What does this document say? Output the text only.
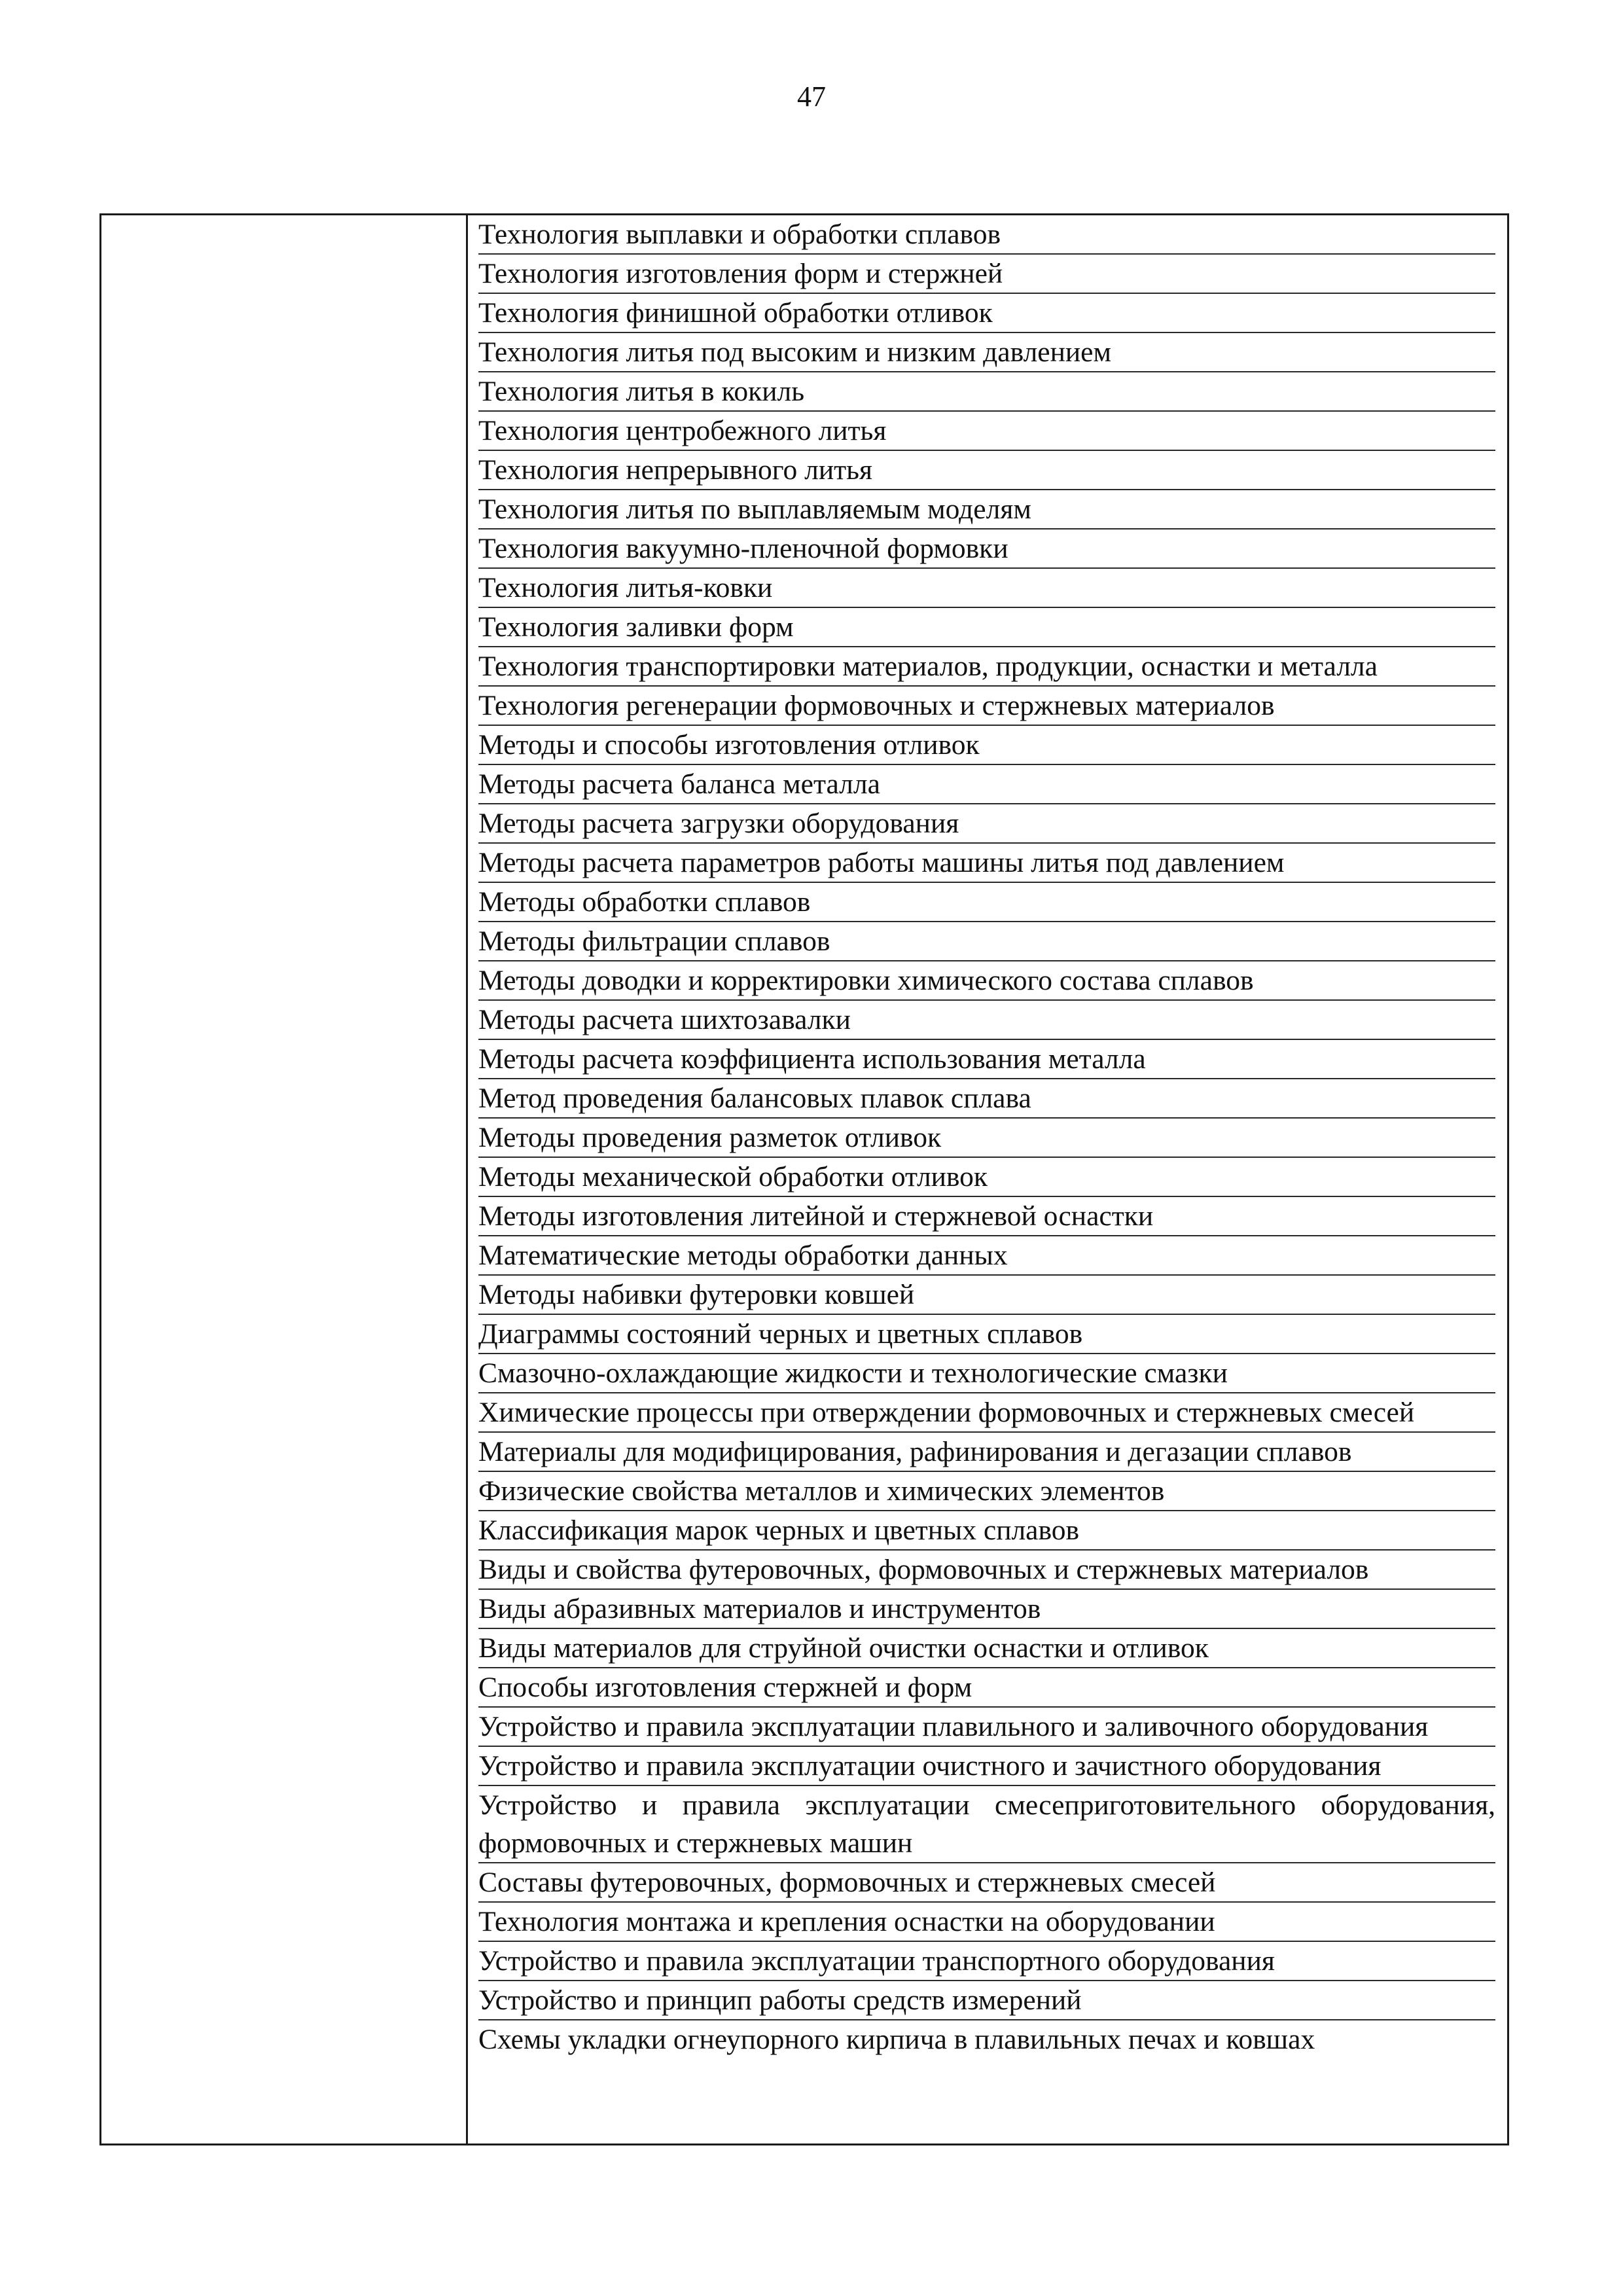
47
Технология выплавки и обработки сплавов
Технология изготовления форм и стержней
Технология финишной обработки отливок
Технология литья под высоким и низким давлением
Технология литья в кокиль
Технология центробежного литья
Технология непрерывного литья
Технология литья по выплавляемым моделям
Технология вакуумно-пленочной формовки
Технология литья-ковки
Технология заливки форм
Технология транспортировки материалов, продукции, оснастки и металла
Технология регенерации формовочных и стержневых материалов
Методы и способы изготовления отливок
Методы расчета баланса металла
Методы расчета загрузки оборудования
Методы расчета параметров работы машины литья под давлением
Методы обработки сплавов
Методы фильтрации сплавов
Методы доводки и корректировки химического состава сплавов
Методы расчета шихтозавалки
Методы расчета коэффициента использования металла
Метод проведения балансовых плавок сплава
Методы проведения разметок отливок
Методы механической обработки отливок
Методы изготовления литейной и стержневой оснастки
Математические методы обработки данных
Методы набивки футеровки ковшей
Диаграммы состояний черных и цветных сплавов
Смазочно-охлаждающие жидкости и технологические смазки
Химические процессы при отверждении формовочных и стержневых смесей
Материалы для модифицирования, рафинирования и дегазации сплавов
Физические свойства металлов и химических элементов
Классификация марок черных и цветных сплавов
Виды и свойства футеровочных, формовочных и стержневых материалов
Виды абразивных материалов и инструментов
Виды материалов для струйной очистки оснастки и отливок
Способы изготовления стержней и форм
Устройство и правила эксплуатации плавильного и заливочного оборудования
Устройство и правила эксплуатации очистного и зачистного оборудования
Устройство и правила эксплуатации смесеприготовительного оборудования, формовочных и стержневых машин
Составы футеровочных, формовочных и стержневых смесей
Технология монтажа и крепления оснастки на оборудовании
Устройство и правила эксплуатации транспортного оборудования
Устройство и принцип работы средств измерений
Схемы укладки огнеупорного кирпича в плавильных печах и ковшах
